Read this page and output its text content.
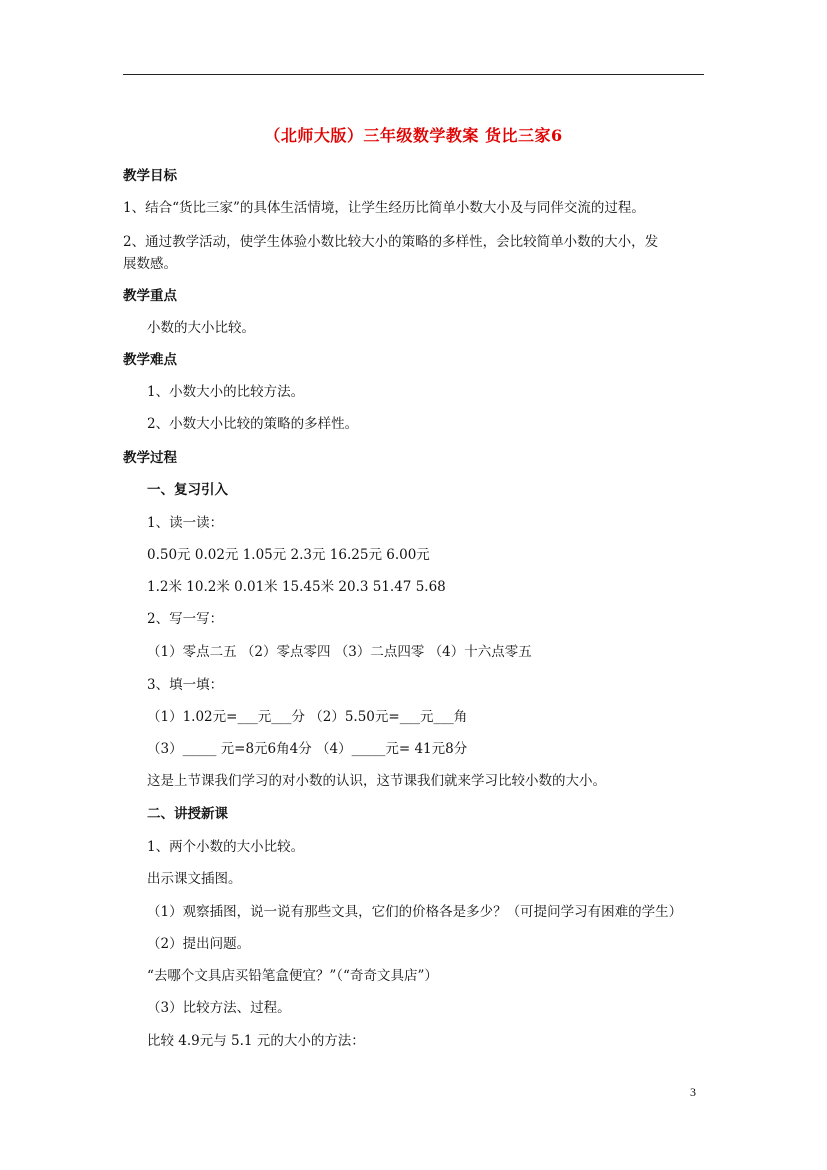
（北师大版）三年级数学教案 货比三家6
教学目标
1、结合“货比三家”的具体生活情境，让学生经历比简单小数大小及与同伴交流的过程。
2、通过教学活动，使学生体验小数比较大小的策略的多样性，会比较简单小数的大小，发
展数感。
教学重点
小数的大小比较。
教学难点
1、小数大小的比较方法。
2、小数大小比较的策略的多样性。
教学过程
一、复习引入
1、读一读：
0.50元 0.02元 1.05元 2.3元 16.25元 6.00元
1.2米 10.2米 0.01米 15.45米 20.3 51.47 5.68
2、写一写：
（1）零点二五 （2）零点零四 （3）二点四零 （4）十六点零五
3、填一填：
（1）1.02元=___元___分 （2）5.50元=___元___角
（3）_____ 元=8元6角4分 （4）_____元= 41元8分
这是上节课我们学习的对小数的认识，这节课我们就来学习比较小数的大小。
二、讲授新课
1、两个小数的大小比较。
出示课文插图。
（1）观察插图，说一说有那些文具，它们的价格各是多少？（可提问学习有困难的学生）
（2）提出问题。
“去哪个文具店买铅笔盒便宜？”（“奇奇文具店”）
（3）比较方法、过程。
比较 4.9元与 5.1 元的大小的方法：
3
